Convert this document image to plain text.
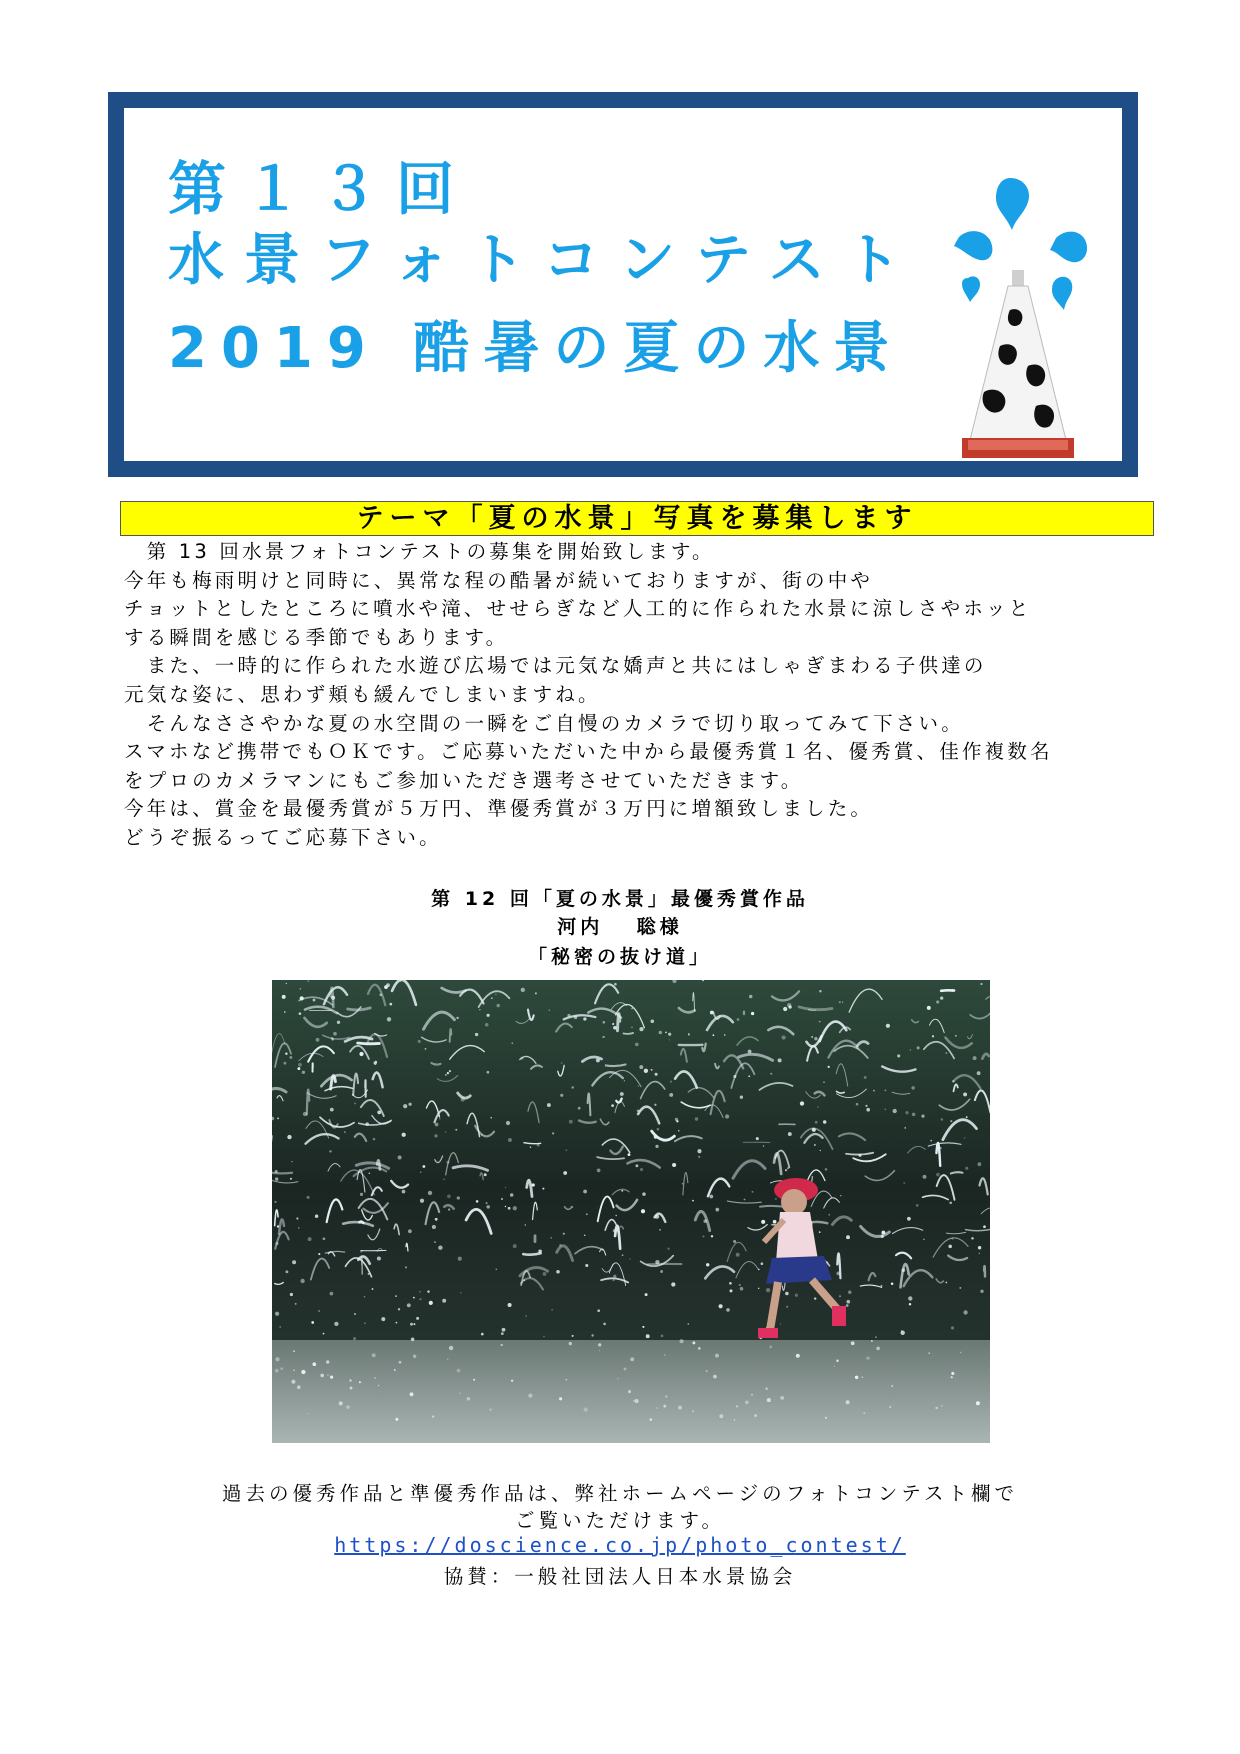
第１３回
水景フォトコンテスト
2019 酷暑の夏の水景
テーマ「夏の水景」写真を募集します

　第 13 回水景フォトコンテストの募集を開始致します。

今年も梅雨明けと同時に、異常な程の酷暑が続いておりますが、街の中や

チョットとしたところに噴水や滝、せせらぎなど人工的に作られた水景に涼しさやホッと

する瞬間を感じる季節でもあります。

　また、一時的に作られた水遊び広場では元気な嬌声と共にはしゃぎまわる子供達の

元気な姿に、思わず頬も緩んでしまいますね。

　そんなささやかな夏の水空間の一瞬をご自慢のカメラで切り取ってみて下さい。

スマホなど携帯でもＯＫです。ご応募いただいた中から最優秀賞１名、優秀賞、佳作複数名

をプロのカメラマンにもご参加いただき選考させていただきます。

今年は、賞金を最優秀賞が５万円、準優秀賞が３万円に増額致しました。

どうぞ振るってご応募下さい。

第 12 回「夏の水景」最優秀賞作品
河内　 聡様
「秘密の抜け道」
過去の優秀作品と準優秀作品は、弊社ホームページのフォトコンテスト欄で
ご覧いただけます。
https://doscience.co.jp/photo_contest/
協賛：一般社団法人日本水景協会
